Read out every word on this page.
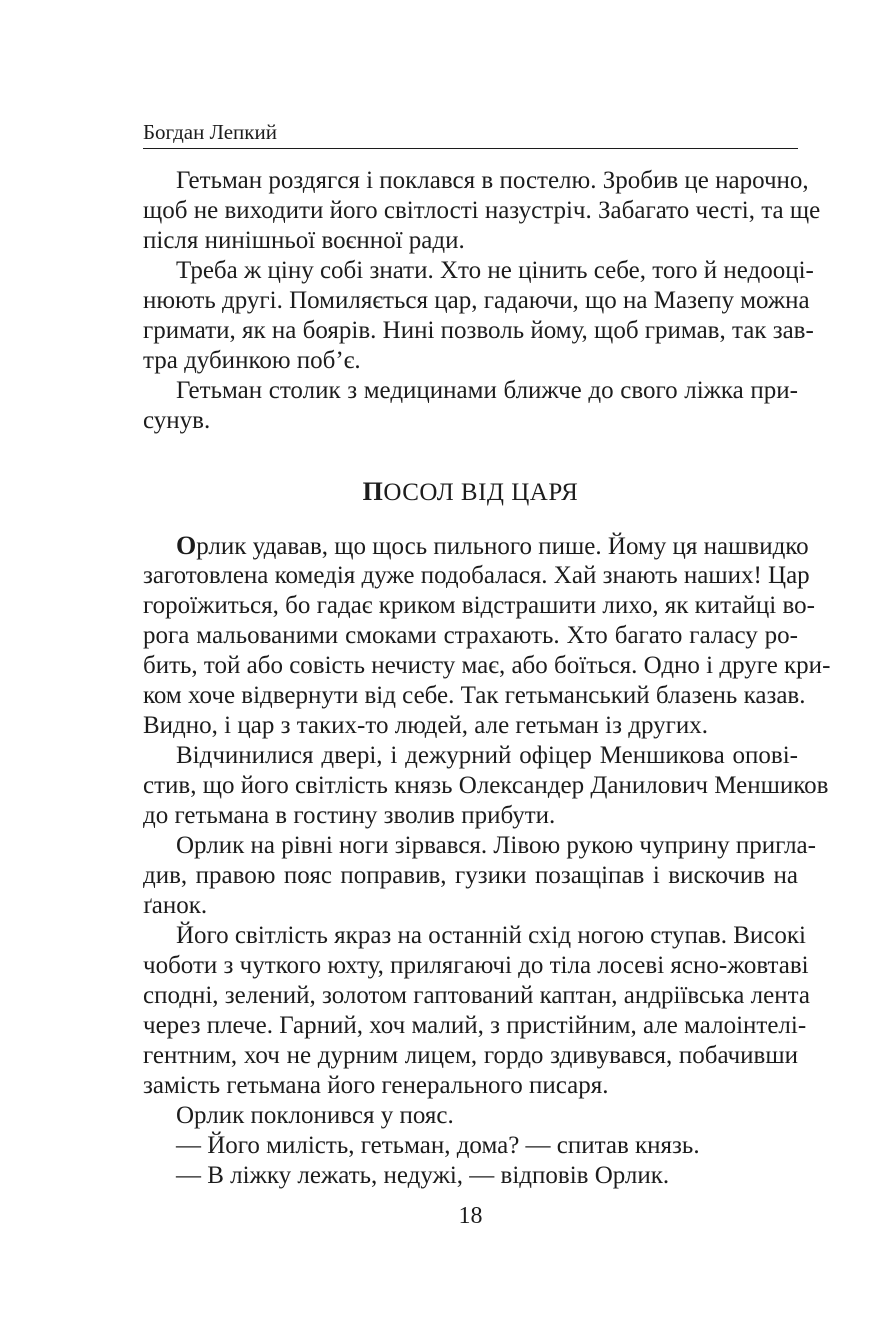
Богдан Лепкий

Гетьман роздягся і поклався в постелю. Зробив це нарочно,
щоб не виходити його світлості назустріч. Забагато честі, та ще
після нинішньої воєнної ради.

Треба ж ціну собі знати. Хто не цінить себе, того й недооці-
нюють другі. Помиляється цар, гадаючи, що на Мазепу можна
гримати, як на боярів. Нині позволь йому, щоб гримав, так зав-
тра дубинкою поб’є.

Гетьман столик з медицинами ближче до свого ліжка при-
сунув.

ПОСОЛ ВІД ЦАРЯ

Орлик удавав, що щось пильного пише. Йому ця нашвидко
заготовлена комедія дуже подобалася. Хай знають наших! Цар
гороїжиться, бо гадає криком відстрашити лихо, як китайці во-
рога мальованими смоками страхають. Хто багато галасу ро-
бить, той або совість нечисту має, або боїться. Одно і друге кри-
ком хоче відвернути від себе. Так гетьманський блазень казав.
Видно, і цар з таких-то людей, але гетьман із других.

Відчинилися двері, і дежурний офіцер Меншикова опові-
стив, що його світлість князь Олександер Данилович Меншиков
до гетьмана в гостину зволив прибути.

Орлик на рівні ноги зірвався. Лівою рукою чуприну пригла-
див, правою пояс поправив, гузики позащіпав і вискочив на
ґанок.

Його світлість якраз на останній схід ногою ступав. Високі
чоботи з чуткого юхту, прилягаючі до тіла лосеві ясно-жовтаві
сподні, зелений, золотом гаптований каптан, андріївська лента
через плече. Гарний, хоч малий, з пристійним, але малоінтелі-
гентним, хоч не дурним лицем, гордо здивувався, побачивши
замість гетьмана його генерального писаря.

Орлик поклонився у пояс.

— Його милість, гетьман, дома? — спитав князь.

— В ліжку лежать, недужі, — відповів Орлик.

18
